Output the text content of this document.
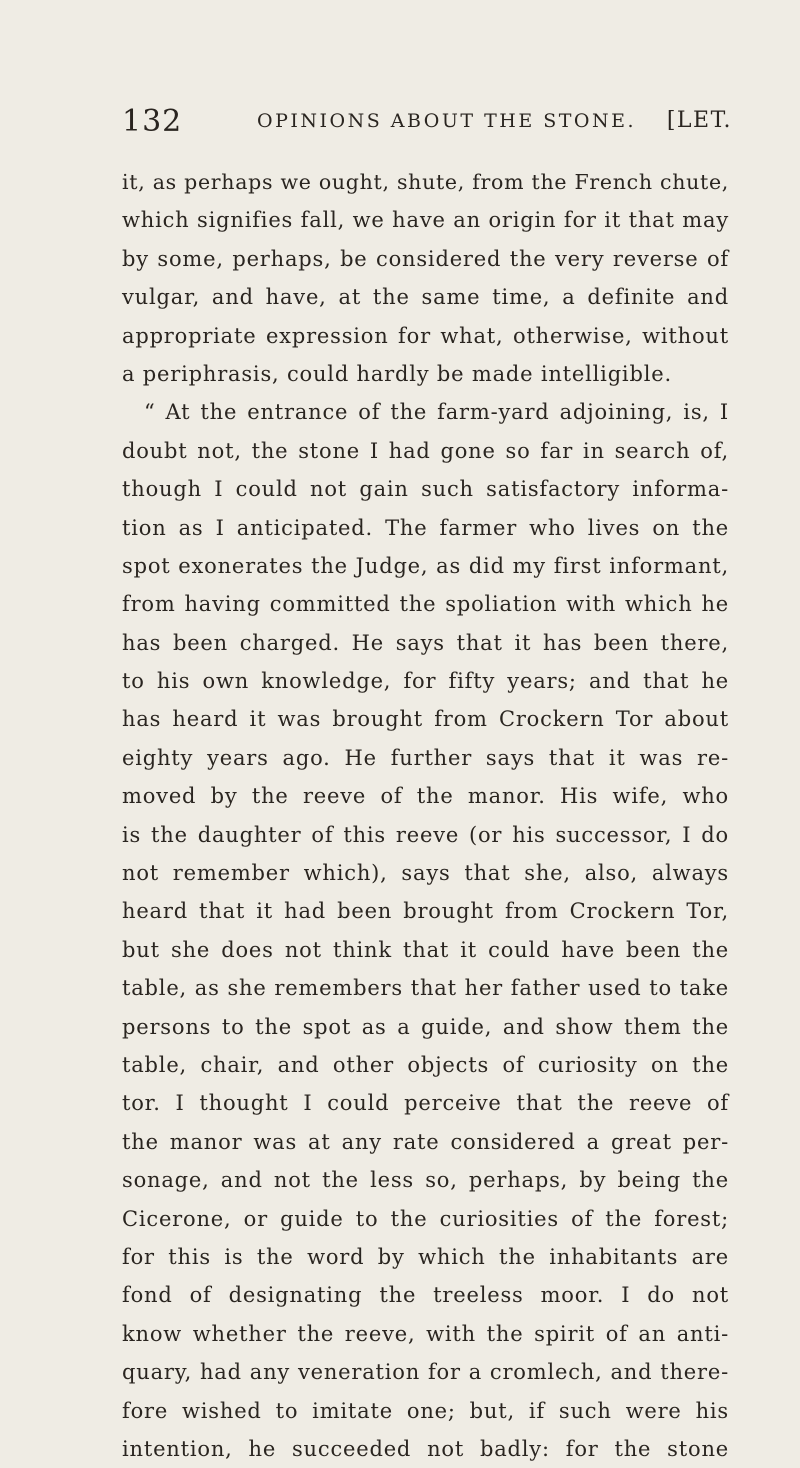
132	OPINIONS ABOUT THE STONE. [LET.
it, as perhaps we ought, shute, from the French chute,
which signifies fall, we have an origin for it that may
by some, perhaps, be considered the very reverse of
vulgar, and have, at the same time, a definite and
appropriate expression for what, otherwise, without
a periphrasis, could hardly be made intelligible.
“ At the entrance of the farm-yard adjoining, is, I
doubt not, the stone I had gone so far in search of,
though I could not gain such satisfactory informa-
tion as I anticipated. The farmer who lives on the
spot exonerates the Judge, as did my first informant,
from having committed the spoliation with which he
has been charged. He says that it has been there,
to his own knowledge, for fifty years; and that he
has heard it was brought from Crockern Tor about
eighty years ago. He further says that it was re-
moved by the reeve of the manor. His wife, who
is the daughter of this reeve (or his successor, I do
not remember which), says that she, also, always
heard that it had been brought from Crockern Tor,
but she does not think that it could have been the
table, as she remembers that her father used to take
persons to the spot as a guide, and show them the
table, chair, and other objects of curiosity on the
tor. I thought I could perceive that the reeve of
the manor was at any rate considered a great per-
sonage, and not the less so, perhaps, by being the
Cicerone, or guide to the curiosities of the forest;
for this is the word by which the inhabitants are
fond of designating the treeless moor. I do not
know whether the reeve, with the spirit of an anti-
quary, had any veneration for a cromlech, and there-
fore wished to imitate one; but, if such were his
intention, he succeeded not badly: for the stone
